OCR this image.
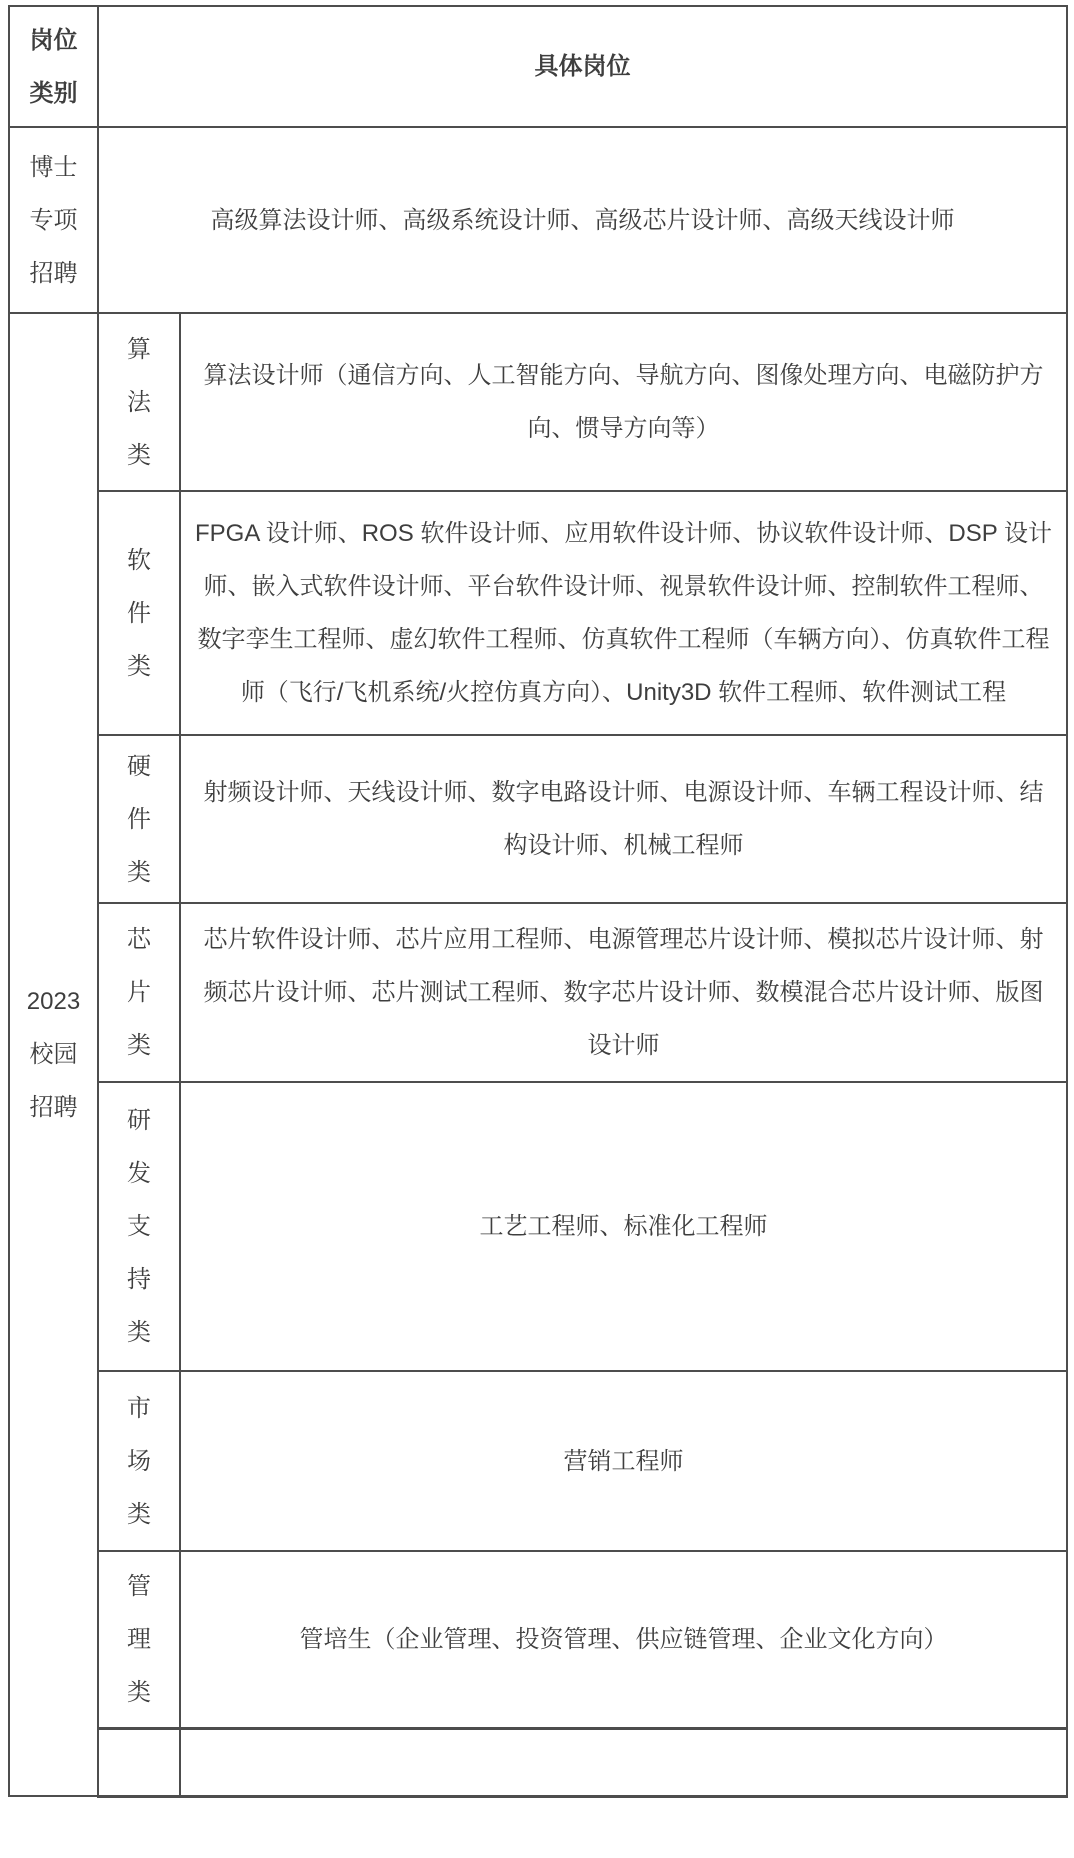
岗位类别	具体岗位	
博士专项招聘	高级算法设计师、高级系统设计师、高级芯片设计师、高级天线设计师	
2023校园招聘	算法类	算法设计师（通信方向、人工智能方向、导航方向、图像处理方向、电磁防护方向、惯导方向等）
	软件类	FPGA 设计师、ROS 软件设计师、应用软件设计师、协议软件设计师、DSP 设计师、嵌入式软件设计师、平台软件设计师、视景软件设计师、控制软件工程师、数字孪生工程师、虚幻软件工程师、仿真软件工程师（车辆方向）、仿真软件工程师（飞行/飞机系统/火控仿真方向）、Unity3D 软件工程师、软件测试工程
	硬件类	射频设计师、天线设计师、数字电路设计师、电源设计师、车辆工程设计师、结构设计师、机械工程师
	芯片类	芯片软件设计师、芯片应用工程师、电源管理芯片设计师、模拟芯片设计师、射频芯片设计师、芯片测试工程师、数字芯片设计师、数模混合芯片设计师、版图设计师
	研发支持类	工艺工程师、标准化工程师
	市场类	营销工程师
	管理类	管培生（企业管理、投资管理、供应链管理、企业文化方向）
